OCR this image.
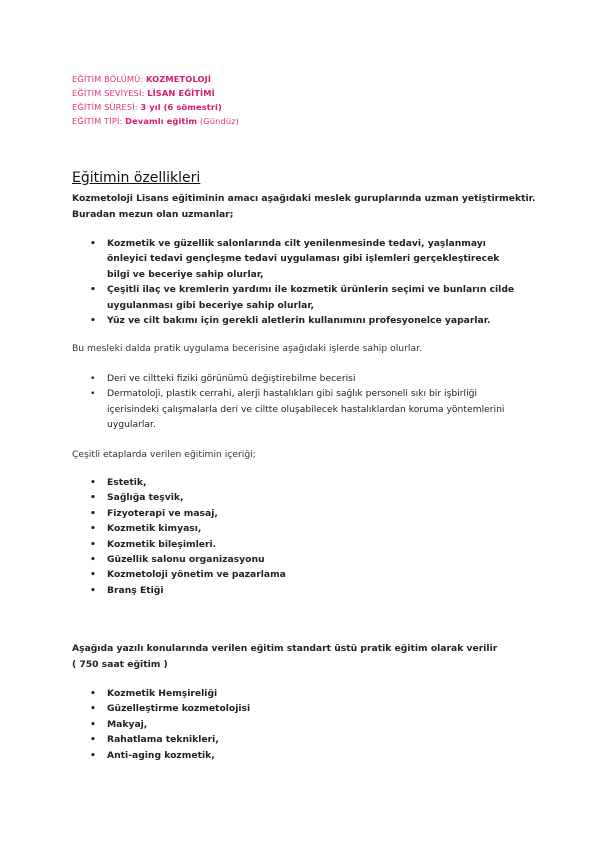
EĞİTİM BÖLÜMÜ: KOZMETOLOJİ
EĞİTİM SEVİYESİ: LİSAN EĞİTİMİ
EĞİTİM SÜRESİ: 3 yıl (6 sömestri)
EĞİTİM TİPİ: Devamlı eğitim (Gündüz)
Eğitimin özellikleri
Kozmetoloji Lisans eğitiminin amacı aşağıdaki meslek guruplarında uzman yetiştirmektir. Buradan mezun olan uzmanlar;
• Kozmetik ve güzellik salonlarında cilt yenilenmesinde tedavi, yaşlanmayı önleyici tedavi gençleşme tedavi uygulaması gibi işlemleri gerçekleştirecek bilgi ve beceriye sahip olurlar,
• Çeşitli ilaç ve kremlerin yardımı ile kozmetik ürünlerin seçimi ve bunların cilde uygulanması gibi beceriye sahip olurlar,
• Yüz ve cilt bakımı için gerekli aletlerin kullanımını profesyonelce yaparlar.
Bu mesleki dalda pratik uygulama becerisine aşağıdaki işlerde sahip olurlar.
• Deri ve ciltteki fiziki görünümü değiştirebilme becerisi
• Dermatoloji, plastik cerrahi, alerji hastalıkları gibi sağlık personeli sıkı bir işbirliği içerisindeki çalışmalarla deri ve ciltte oluşabilecek hastalıklardan koruma yöntemlerini uygularlar.
Çeşitli etaplarda verilen eğitimin içeriği;
• Estetik,
• Sağlığa teşvik,
• Fizyoterapi ve masaj,
• Kozmetik kimyası,
• Kozmetik bileşimleri.
• Güzellik salonu organizasyonu
• Kozmetoloji yönetim ve pazarlama
• Branş Etiği
Aşağıda yazılı konularında verilen eğitim standart üstü pratik eğitim olarak verilir
( 750 saat eğitim )
• Kozmetik Hemşireliği
• Güzelleştirme kozmetolojisi
• Makyaj,
• Rahatlama teknikleri,
• Anti-aging kozmetik,
